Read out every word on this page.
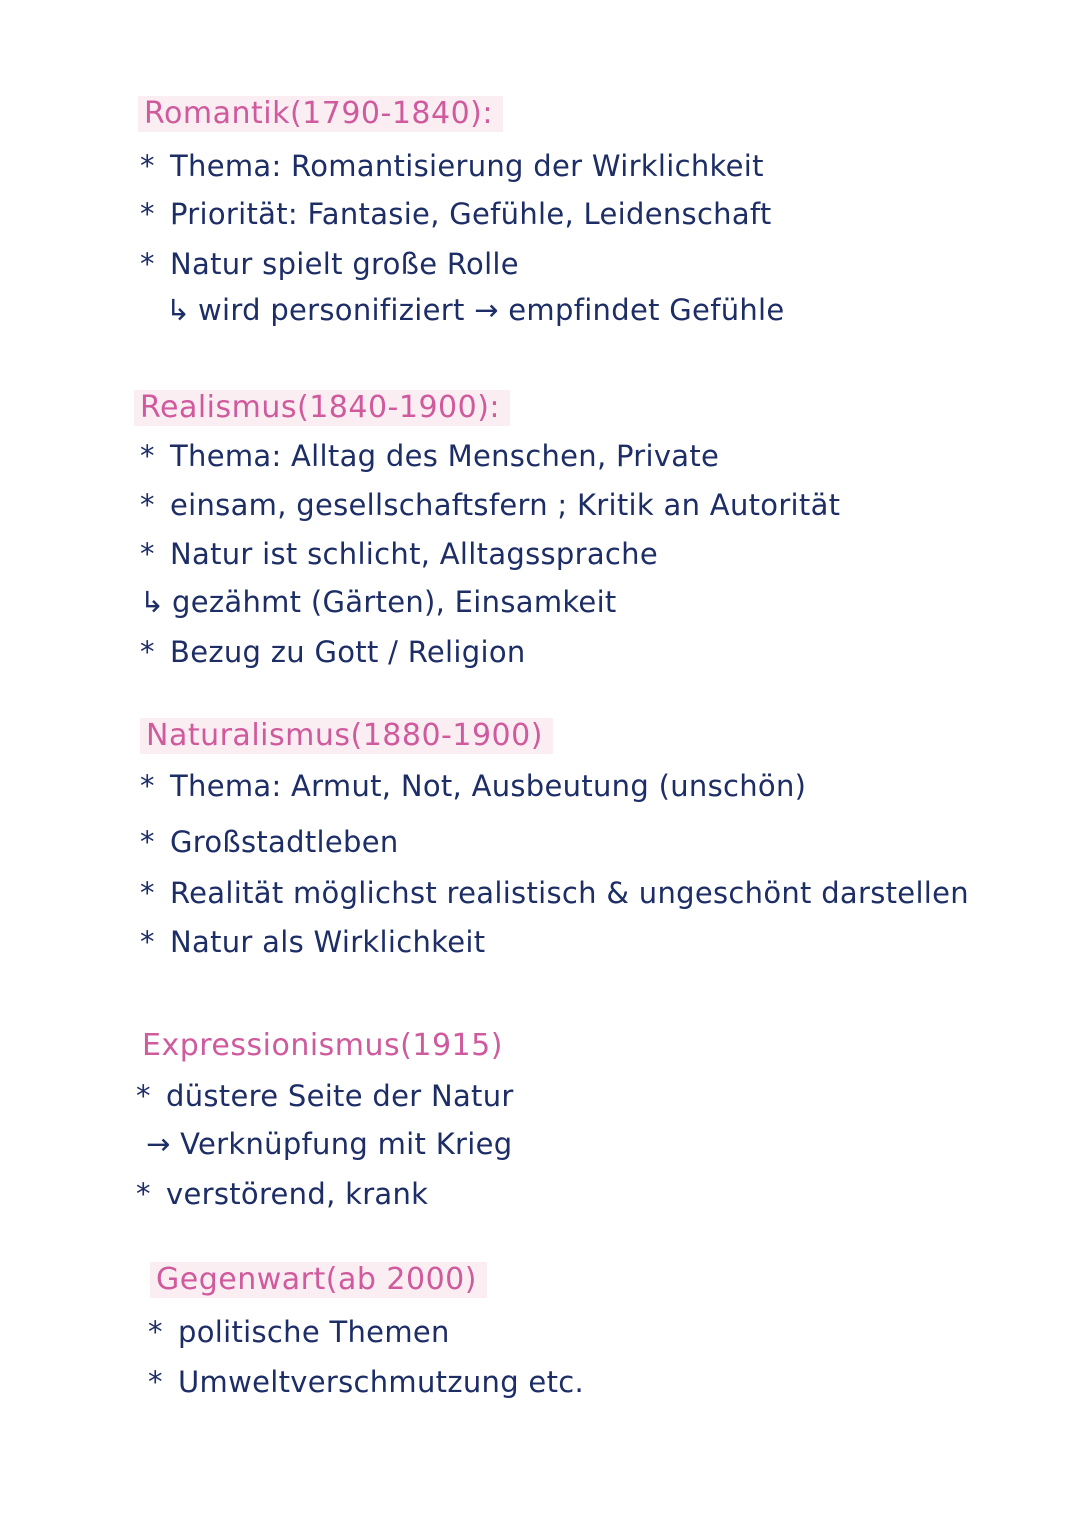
Romantik(1790-1840):
* Thema: Romantisierung der Wirklichkeit
* Priorität: Fantasie, Gefühle, Leidenschaft
* Natur spielt große Rolle
↳ wird personifiziert → empfindet Gefühle
Realismus(1840-1900):
* Thema: Alltag des Menschen, Private
* einsam, gesellschaftsfern ; Kritik an Autorität
* Natur ist schlicht, Alltagssprache
↳ gezähmt (Gärten), Einsamkeit
* Bezug zu Gott / Religion
Naturalismus(1880-1900)
* Thema: Armut, Not, Ausbeutung (unschön)
* Großstadtleben
* Realität möglichst realistisch & ungeschönt darstellen
* Natur als Wirklichkeit
Expressionismus(1915)
* düstere Seite der Natur
→ Verknüpfung mit Krieg
* verstörend, krank
Gegenwart(ab 2000)
* politische Themen
* Umweltverschmutzung etc.
